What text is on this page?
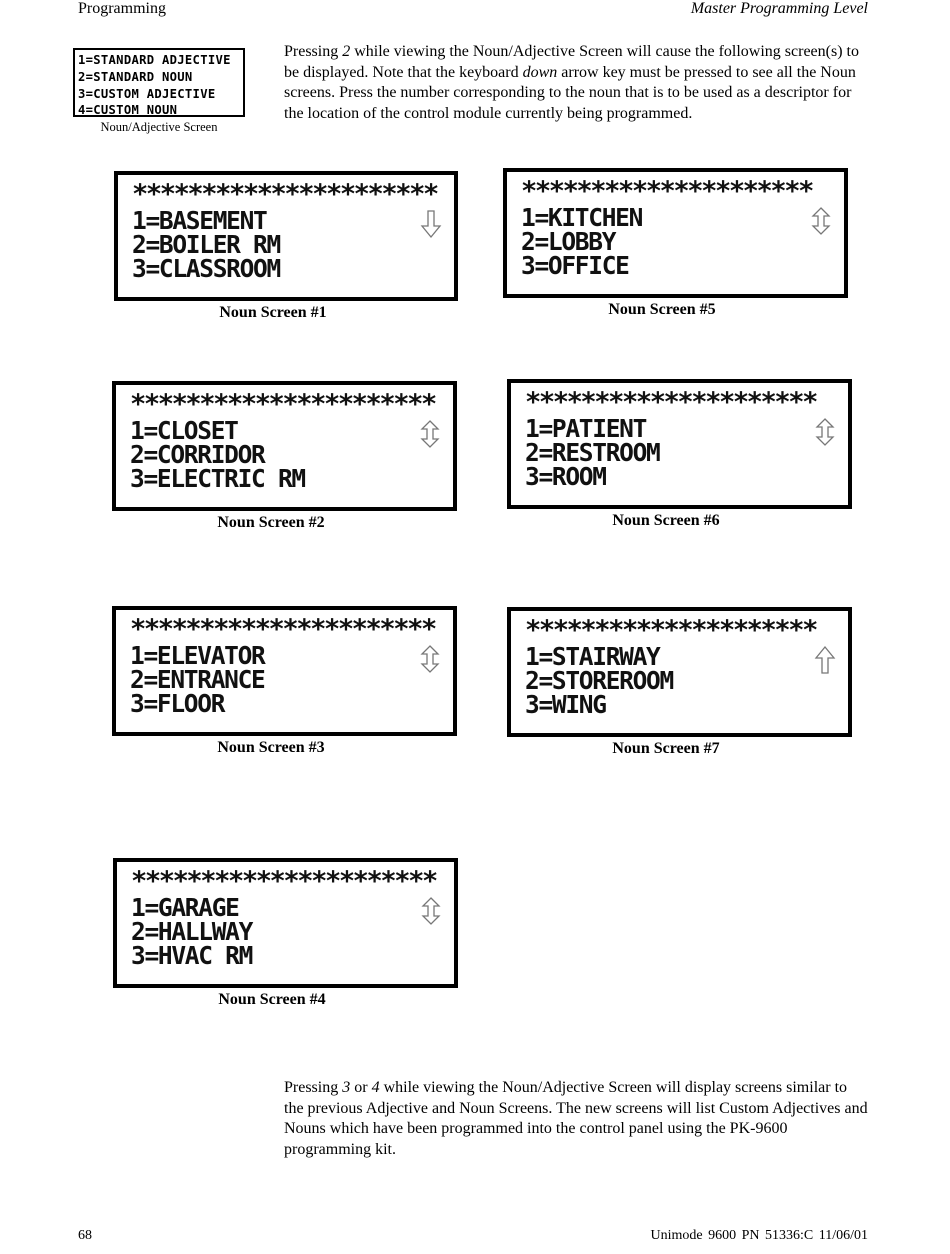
Programming	Master Programming Level
1=STANDARD ADJECTIVE
2=STANDARD NOUN
3=CUSTOM ADJECTIVE
4=CUSTOM NOUN
Noun/Adjective Screen
Pressing 2 while viewing the Noun/Adjective Screen will cause the following screen(s) to be displayed. Note that the keyboard down arrow key must be pressed to see all the Noun screens. Press the number corresponding to the noun that is to be used as a descriptor for the location of the control module currently being programmed.
**********************
1=BASEMENT
2=BOILER RM
3=CLASSROOM
Noun Screen #1
**********************
1=CLOSET
2=CORRIDOR
3=ELECTRIC RM
Noun Screen #2
**********************
1=ELEVATOR
2=ENTRANCE
3=FLOOR
Noun Screen #3
**********************
1=GARAGE
2=HALLWAY
3=HVAC RM
Noun Screen #4
*********************
1=KITCHEN
2=LOBBY
3=OFFICE
Noun Screen #5
*********************
1=PATIENT
2=RESTROOM
3=ROOM
Noun Screen #6
*********************
1=STAIRWAY
2=STOREROOM
3=WING
Noun Screen #7
Pressing 3 or 4 while viewing the Noun/Adjective Screen will display screens similar to the previous Adjective and Noun Screens. The new screens will list Custom Adjectives and Nouns which have been programmed into the control panel using the PK-9600 programming kit.
68	Unimode 9600 PN 51336:C 11/06/01
